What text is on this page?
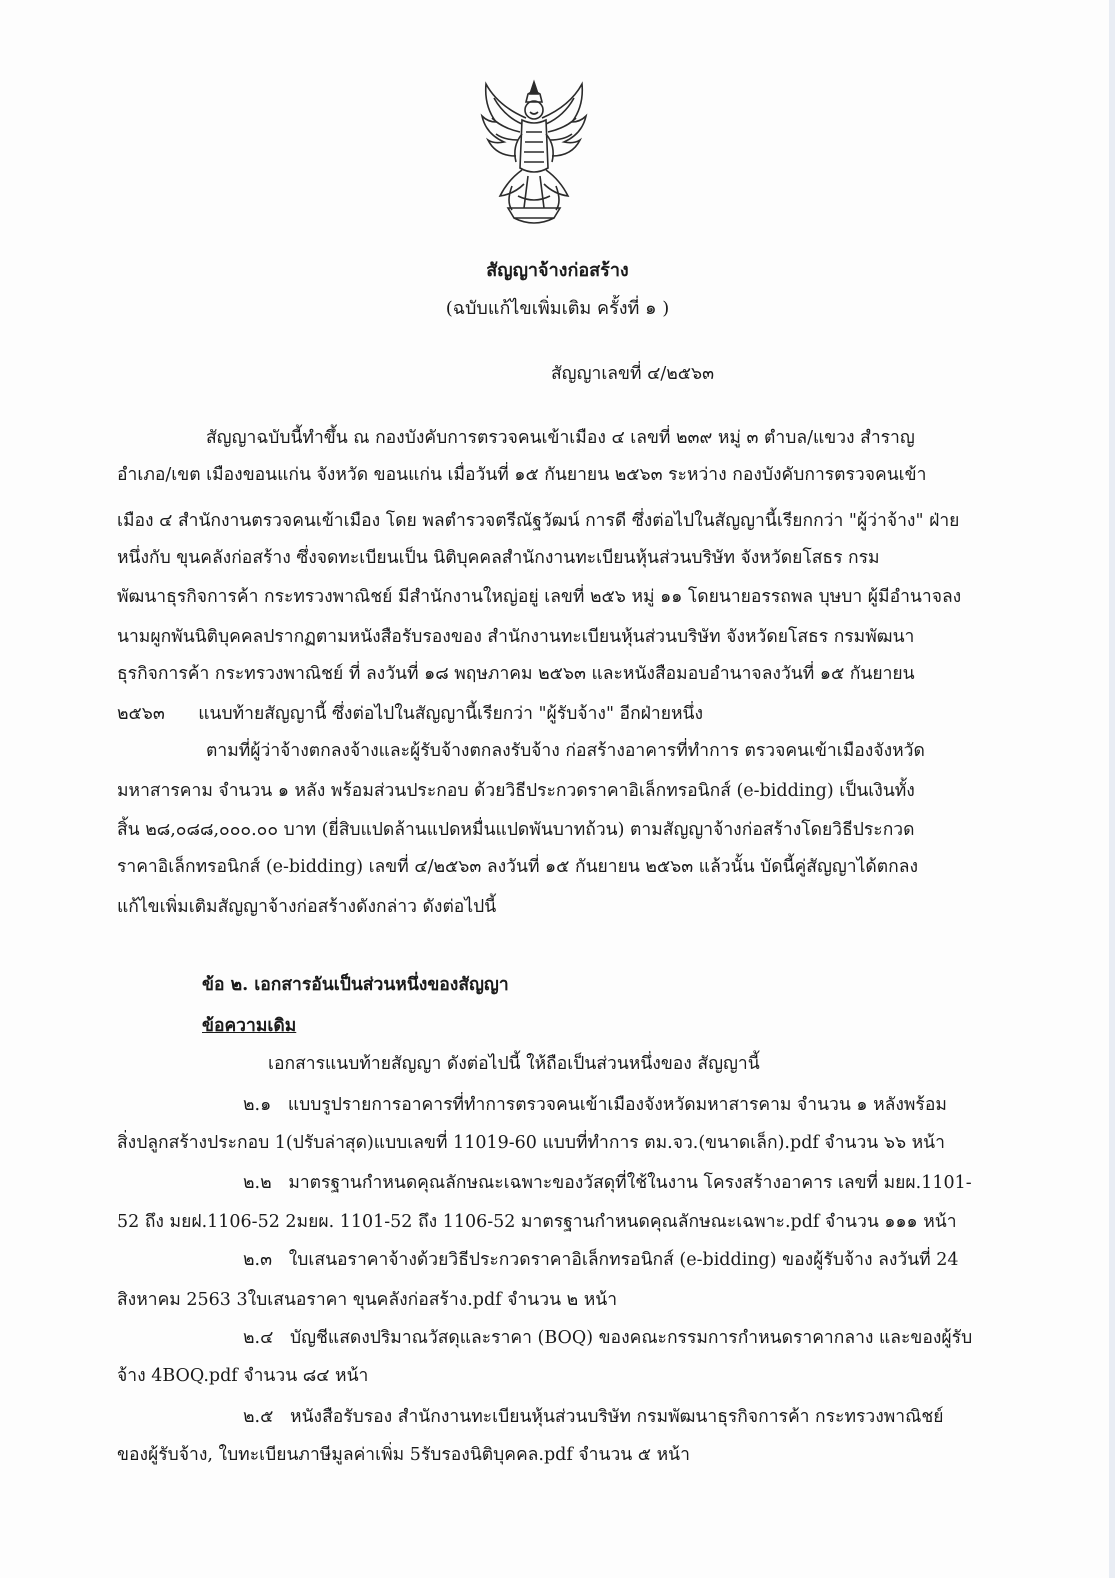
สัญญาจ้างก่อสร้าง
(ฉบับแก้ไขเพิ่มเติม ครั้งที่ ๑ )
สัญญาเลขที่ ๔/๒๕๖๓
สัญญาฉบับนี้ทำขึ้น ณ กองบังคับการตรวจคนเข้าเมือง ๔ เลขที่ ๒๓๙ หมู่ ๓ ตำบล/แขวง สำราญ
อำเภอ/เขต เมืองขอนแก่น จังหวัด ขอนแก่น เมื่อวันที่ ๑๕ กันยายน ๒๕๖๓ ระหว่าง กองบังคับการตรวจคนเข้า
เมือง ๔ สำนักงานตรวจคนเข้าเมือง โดย พลตำรวจตรีณัฐวัฒน์ การดี ซึ่งต่อไปในสัญญานี้เรียกกว่า "ผู้ว่าจ้าง" ฝ่าย
หนึ่งกับ ขุนคลังก่อสร้าง ซึ่งจดทะเบียนเป็น นิติบุคคลสำนักงานทะเบียนหุ้นส่วนบริษัท จังหวัดยโสธร กรม
พัฒนาธุรกิจการค้า กระทรวงพาณิชย์ มีสำนักงานใหญ่อยู่ เลขที่ ๒๕๖ หมู่ ๑๑ โดยนายอรรถพล บุษบา ผู้มีอำนาจลง
นามผูกพันนิติบุคคลปรากฏตามหนังสือรับรองของ สำนักงานทะเบียนหุ้นส่วนบริษัท จังหวัดยโสธร กรมพัฒนา
ธุรกิจการค้า กระทรวงพาณิชย์ ที่ ลงวันที่ ๑๘ พฤษภาคม ๒๕๖๓ และหนังสือมอบอำนาจลงวันที่ ๑๕ กันยายน
๒๕๖๓      แนบท้ายสัญญานี้ ซึ่งต่อไปในสัญญานี้เรียกว่า "ผู้รับจ้าง" อีกฝ่ายหนึ่ง
ตามที่ผู้ว่าจ้างตกลงจ้างและผู้รับจ้างตกลงรับจ้าง ก่อสร้างอาคารที่ทำการ ตรวจคนเข้าเมืองจังหวัด
มหาสารคาม จำนวน ๑ หลัง พร้อมส่วนประกอบ ด้วยวิธีประกวดราคาอิเล็กทรอนิกส์ (e-bidding) เป็นเงินทั้ง
สิ้น ๒๘,๐๘๘,๐๐๐.๐๐ บาท (ยี่สิบแปดล้านแปดหมื่นแปดพันบาทถ้วน) ตามสัญญาจ้างก่อสร้างโดยวิธีประกวด
ราคาอิเล็กทรอนิกส์ (e-bidding) เลขที่ ๔/๒๕๖๓ ลงวันที่ ๑๕ กันยายน ๒๕๖๓ แล้วนั้น บัดนี้คู่สัญญาได้ตกลง
แก้ไขเพิ่มเติมสัญญาจ้างก่อสร้างดังกล่าว ดังต่อไปนี้
ข้อ ๒. เอกสารอันเป็นส่วนหนึ่งของสัญญา
ข้อความเดิม
เอกสารแนบท้ายสัญญา ดังต่อไปนี้ ให้ถือเป็นส่วนหนึ่งของ สัญญานี้
๒.๑   แบบรูปรายการอาคารที่ทำการตรวจคนเข้าเมืองจังหวัดมหาสารคาม จำนวน ๑ หลังพร้อม
สิ่งปลูกสร้างประกอบ 1(ปรับล่าสุด)แบบเลขที่ 11019-60 แบบที่ทำการ ตม.จว.(ขนาดเล็ก).pdf จำนวน ๖๖ หน้า
๒.๒   มาตรฐานกำหนดคุณลักษณะเฉพาะของวัสดุที่ใช้ในงาน โครงสร้างอาคาร เลขที่ มยผ.1101-
52 ถึง มยฝ.1106-52 2มยผ. 1101-52 ถึง 1106-52 มาตรฐานกำหนดคุณลักษณะเฉพาะ.pdf จำนวน ๑๑๑ หน้า
๒.๓   ใบเสนอราคาจ้างด้วยวิธีประกวดราคาอิเล็กทรอนิกส์ (e-bidding) ของผู้รับจ้าง ลงวันที่ 24
สิงหาคม 2563 3ใบเสนอราคา ขุนคลังก่อสร้าง.pdf จำนวน ๒ หน้า
๒.๔   บัญชีแสดงปริมาณวัสดุและราคา (BOQ) ของคณะกรรมการกำหนดราคากลาง และของผู้รับ
จ้าง 4BOQ.pdf จำนวน ๘๔ หน้า
๒.๕   หนังสือรับรอง สำนักงานทะเบียนหุ้นส่วนบริษัท กรมพัฒนาธุรกิจการค้า กระทรวงพาณิชย์
ของผู้รับจ้าง, ใบทะเบียนภาษีมูลค่าเพิ่ม 5รับรองนิติบุคคล.pdf จำนวน ๕ หน้า
